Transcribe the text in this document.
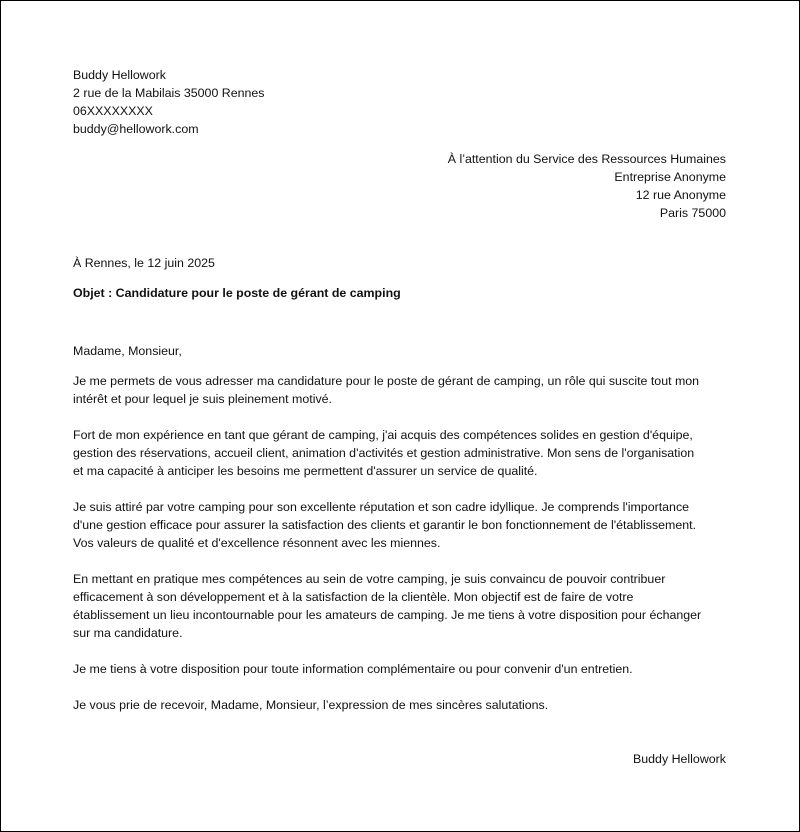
Buddy Hellowork
2 rue de la Mabilais 35000 Rennes
06XXXXXXXX
buddy@hellowork.com
À l’attention du Service des Ressources Humaines
Entreprise Anonyme
12 rue Anonyme
Paris 75000
À Rennes, le 12 juin 2025
Objet : Candidature pour le poste de gérant de camping
Madame, Monsieur,
Je me permets de vous adresser ma candidature pour le poste de gérant de camping, un rôle qui suscite tout mon
intérêt et pour lequel je suis pleinement motivé.
Fort de mon expérience en tant que gérant de camping, j'ai acquis des compétences solides en gestion d'équipe,
gestion des réservations, accueil client, animation d'activités et gestion administrative. Mon sens de l'organisation
et ma capacité à anticiper les besoins me permettent d'assurer un service de qualité.
Je suis attiré par votre camping pour son excellente réputation et son cadre idyllique. Je comprends l'importance
d'une gestion efficace pour assurer la satisfaction des clients et garantir le bon fonctionnement de l'établissement.
Vos valeurs de qualité et d'excellence résonnent avec les miennes.
En mettant en pratique mes compétences au sein de votre camping, je suis convaincu de pouvoir contribuer
efficacement à son développement et à la satisfaction de la clientèle. Mon objectif est de faire de votre
établissement un lieu incontournable pour les amateurs de camping. Je me tiens à votre disposition pour échanger
sur ma candidature.
Je me tiens à votre disposition pour toute information complémentaire ou pour convenir d'un entretien.
Je vous prie de recevoir, Madame, Monsieur, l’expression de mes sincères salutations.
Buddy Hellowork
